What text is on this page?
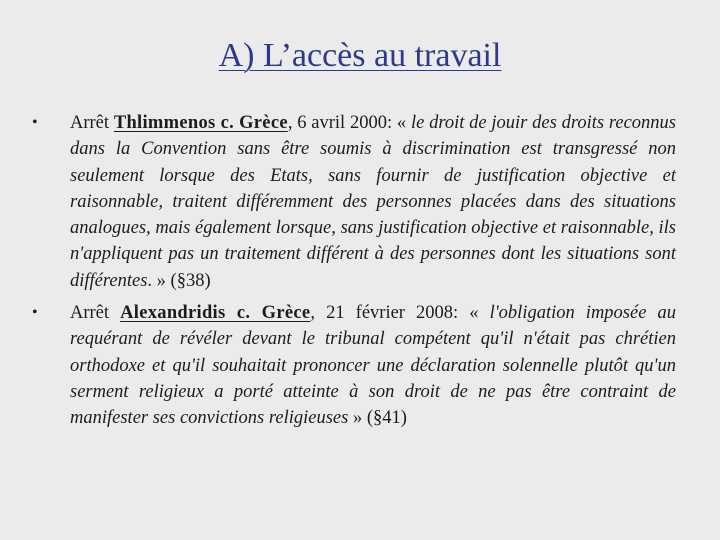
A) L’accès au travail
• Arrêt Thlimmenos c. Grèce, 6 avril 2000: « le droit de jouir des droits reconnus dans la Convention sans être soumis à discrimination est transgressé non seulement lorsque des Etats, sans fournir de justification objective et raisonnable, traitent différemment des personnes placées dans des situations analogues, mais également lorsque, sans justification objective et raisonnable, ils n'appliquent pas un traitement différent à des personnes dont les situations sont différentes. » (§38)
• Arrêt Alexandridis c. Grèce, 21 février 2008: « l'obligation imposée au requérant de révéler devant le tribunal compétent qu'il n'était pas chrétien orthodoxe et qu'il souhaitait prononcer une déclaration solennelle plutôt qu'un serment religieux a porté atteinte à son droit de ne pas être contraint de manifester ses convictions religieuses » (§41)
